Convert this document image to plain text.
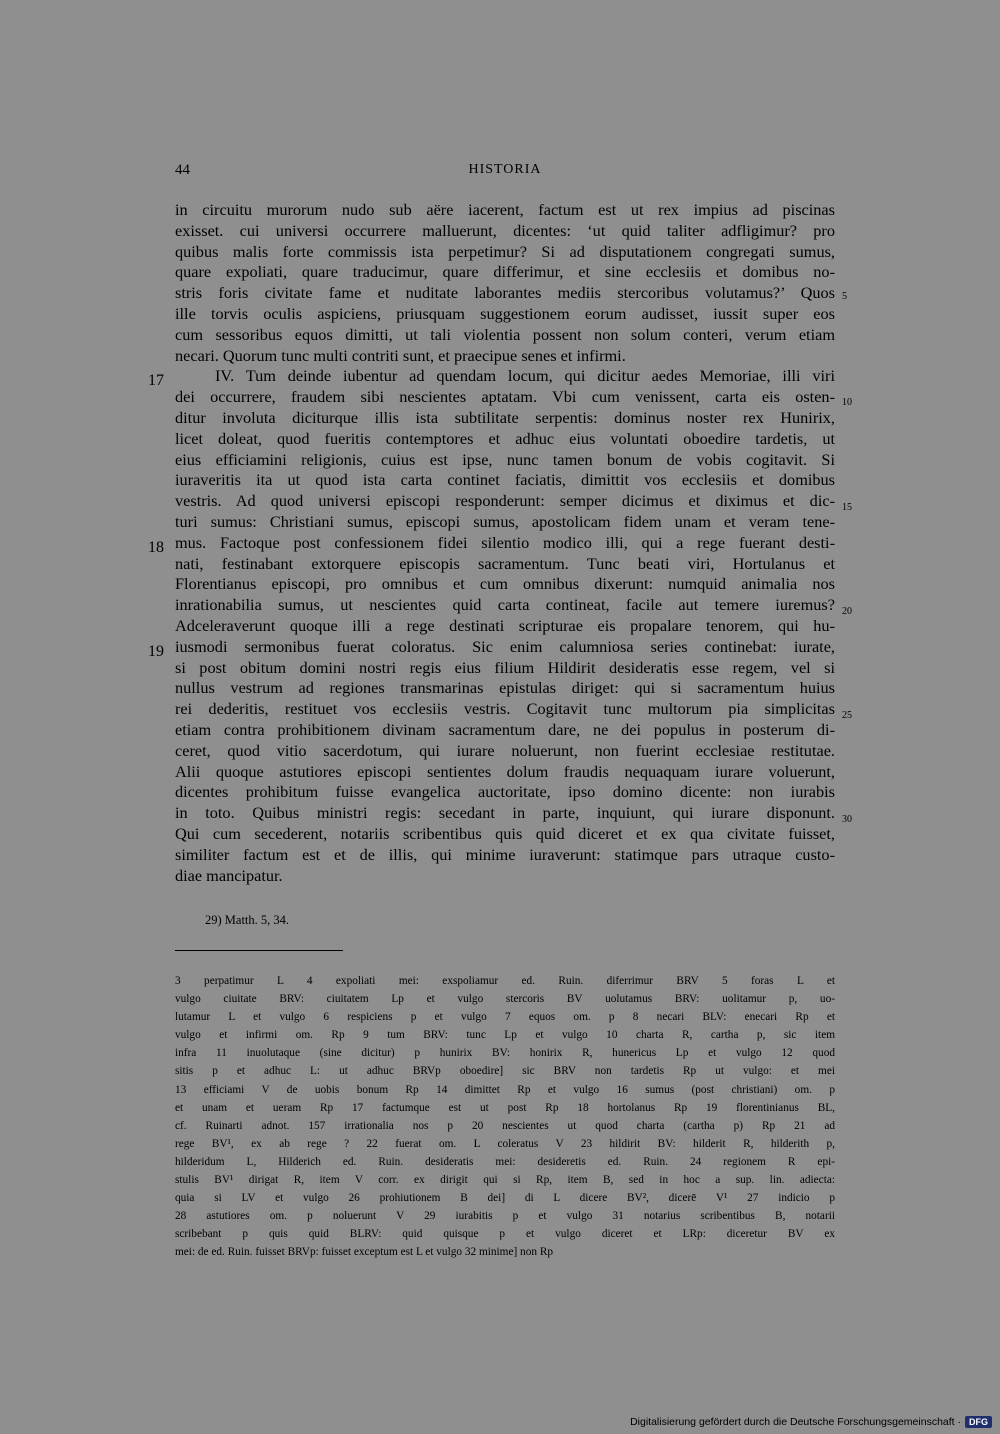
44	HISTORIA
in circuitu murorum nudo sub aëre iacerent, factum est ut rex impius ad piscinas
exisset. cui universi occurrere malluerunt, dicentes: ‘ut quid taliter adfligimur? pro
quibus malis forte commissis ista perpetimur? Si ad disputationem congregati sumus,
quare expoliati, quare traducimur, quare differimur, et sine ecclesiis et domibus no-
stris foris civitate fame et nuditate laborantes mediis stercoribus volutamus?’ Quos
ille torvis oculis aspiciens, priusquam suggestionem eorum audisset, iussit super eos
cum sessoribus equos dimitti, ut tali violentia possent non solum conteri, verum etiam
necari. Quorum tunc multi contriti sunt, et praecipue senes et infirmi.
IV. Tum deinde iubentur ad quendam locum, qui dicitur aedes Memoriae, illi viri
dei occurrere, fraudem sibi nescientes aptatam. Vbi cum venissent, carta eis osten-
ditur involuta diciturque illis ista subtilitate serpentis: dominus noster rex Hunirix,
licet doleat, quod fueritis contemptores et adhuc eius voluntati oboedire tardetis, ut
eius efficiamini religionis, cuius est ipse, nunc tamen bonum de vobis cogitavit. Si
iuraveritis ita ut quod ista carta continet faciatis, dimittit vos ecclesiis et domibus
vestris. Ad quod universi episcopi responderunt: semper dicimus et diximus et dic-
turi sumus: Christiani sumus, episcopi sumus, apostolicam fidem unam et veram tene-
mus. Factoque post confessionem fidei silentio modico illi, qui a rege fuerant desti-
nati, festinabant extorquere episcopis sacramentum. Tunc beati viri, Hortulanus et
Florentianus episcopi, pro omnibus et cum omnibus dixerunt: numquid animalia nos
inrationabilia sumus, ut nescientes quid carta contineat, facile aut temere iuremus?
Adceleraverunt quoque illi a rege destinati scripturae eis propalare tenorem, qui hu-
iusmodi sermonibus fuerat coloratus. Sic enim calumniosa series continebat: iurate,
si post obitum domini nostri regis eius filium Hildirit desideratis esse regem, vel si
nullus vestrum ad regiones transmarinas epistulas diriget: qui si sacramentum huius
rei dederitis, restituet vos ecclesiis vestris. Cogitavit tunc multorum pia simplicitas
etiam contra prohibitionem divinam sacramentum dare, ne dei populus in posterum di-
ceret, quod vitio sacerdotum, qui iurare noluerunt, non fuerint ecclesiae restitutae.
Alii quoque astutiores episcopi sentientes dolum fraudis nequaquam iurare voluerunt,
dicentes prohibitum fuisse evangelica auctoritate, ipso domino dicente: non iurabis
in toto. Quibus ministri regis: secedant in parte, inquiunt, qui iurare disponunt.
Qui cum secederent, notariis scribentibus quis quid diceret et ex qua civitate fuisset,
similiter factum est et de illis, qui minime iuraverunt: statimque pars utraque custo-
diae mancipatur.
5
10
15
20
25
30
17
18
19
29) Matth. 5, 34.
3 perpatimur L 4 expoliati mei: exspoliamur ed. Ruin. diferrimur BRV 5 foras L et
vulgo ciuitate BRV: ciuitatem Lp et vulgo stercoris BV uolutamus BRV: uolitamur p, uo-
lutamur L et vulgo 6 respiciens p et vulgo 7 equos om. p 8 necari BLV: enecari Rp et
vulgo et infirmi om. Rp 9 tum BRV: tunc Lp et vulgo 10 charta R, cartha p, sic item
infra 11 inuolutaque (sine dicitur) p hunirix BV: honirix R, hunericus Lp et vulgo 12 quod
sitis p et adhuc L: ut adhuc BRVp oboedire] sic BRV non tardetis Rp ut vulgo: et mei
13 efficiami V de uobis bonum Rp 14 dimittet Rp et vulgo 16 sumus (post christiani) om. p
et unam et ueram Rp 17 factumque est ut post Rp 18 hortolanus Rp 19 florentinianus BL,
cf. Ruinarti adnot. 157 irrationalia nos p 20 nescientes ut quod charta (cartha p) Rp 21 ad
rege BV¹, ex ab rege ? 22 fuerat om. L coleratus V 23 hildirit BV: hilderit R, hilderith p,
hilderidum L, Hilderich ed. Ruin. desideratis mei: desideretis ed. Ruin. 24 regionem R epi-
stulis BV¹ dirigat R, item V corr. ex dirigit qui si Rp, item B, sed in hoc a sup. lin. adiecta:
quia si LV et vulgo 26 prohiutionem B dei] di L dicere BV², dicerē V¹ 27 indicio p
28 astutiores om. p noluerunt V 29 iurabitis p et vulgo 31 notarius scribentibus B, notarii
scribebant p quis quid BLRV: quid quisque p et vulgo diceret et LRp: diceretur BV ex
mei: de ed. Ruin. fuisset BRVp: fuisset exceptum est L et vulgo 32 minime] non Rp
Digitalisierung gefördert durch die Deutsche Forschungsgemeinschaft · DFG
